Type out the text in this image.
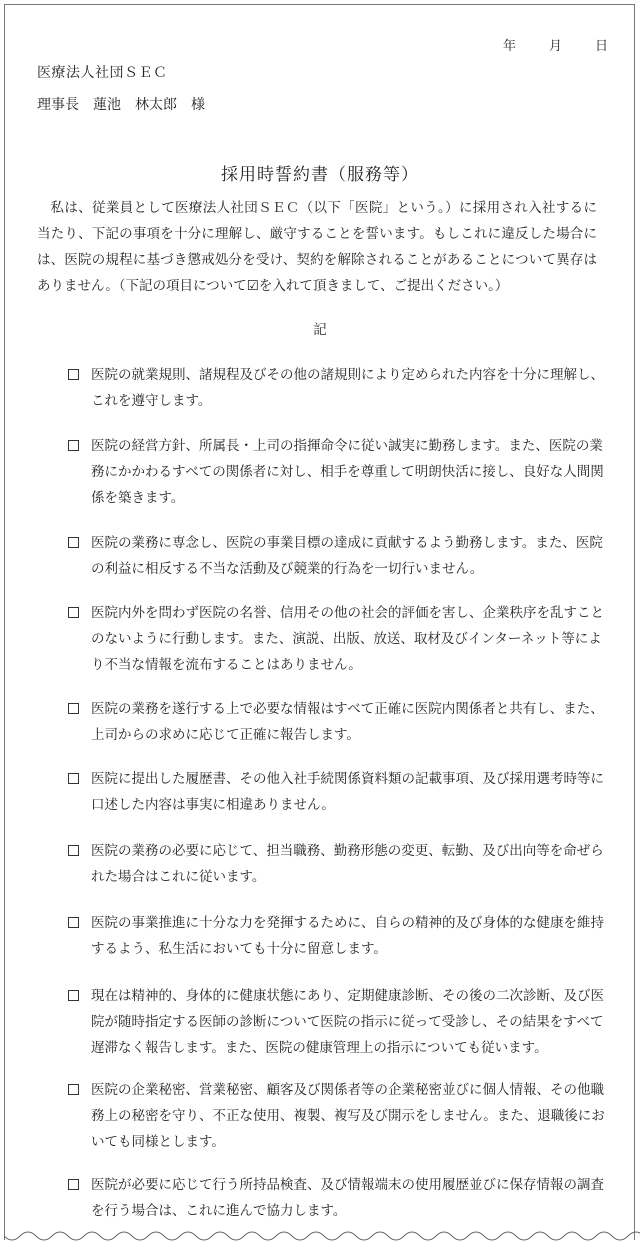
年	月	日
医療法人社団ＳＥＣ
理事長 蓮池 林太郎 様
採用時誓約書（服務等）
私は、従業員として医療法人社団ＳＥＣ（以下「医院」という。）に採用され入社するに当たり、下記の事項を十分に理解し、厳守することを誓います。もしこれに違反した場合には、医院の規程に基づき懲戒処分を受け、契約を解除されることがあることについて異存はありません。（下記の項目について☑を入れて頂きまして、ご提出ください。）
記
医院の就業規則、諸規程及びその他の諸規則により定められた内容を十分に理解し、これを遵守します。
医院の経営方針、所属長・上司の指揮命令に従い誠実に勤務します。また、医院の業務にかかわるすべての関係者に対し、相手を尊重して明朗快活に接し、良好な人間関係を築きます。
医院の業務に専念し、医院の事業目標の達成に貢献するよう勤務します。また、医院の利益に相反する不当な活動及び競業的行為を一切行いません。
医院内外を問わず医院の名誉、信用その他の社会的評価を害し、企業秩序を乱すことのないように行動します。また、演説、出版、放送、取材及びインターネット等により不当な情報を流布することはありません。
医院の業務を遂行する上で必要な情報はすべて正確に医院内関係者と共有し、また、上司からの求めに応じて正確に報告します。
医院に提出した履歴書、その他入社手続関係資料類の記載事項、及び採用選考時等に口述した内容は事実に相違ありません。
医院の業務の必要に応じて、担当職務、勤務形態の変更、転勤、及び出向等を命ぜられた場合はこれに従います。
医院の事業推進に十分な力を発揮するために、自らの精神的及び身体的な健康を維持するよう、私生活においても十分に留意します。
現在は精神的、身体的に健康状態にあり、定期健康診断、その後の二次診断、及び医院が随時指定する医師の診断について医院の指示に従って受診し、その結果をすべて遅滞なく報告します。また、医院の健康管理上の指示についても従います。
医院の企業秘密、営業秘密、顧客及び関係者等の企業秘密並びに個人情報、その他職務上の秘密を守り、不正な使用、複製、複写及び開示をしません。また、退職後においても同様とします。
医院が必要に応じて行う所持品検査、及び情報端末の使用履歴並びに保存情報の調査を行う場合は、これに進んで協力します。
